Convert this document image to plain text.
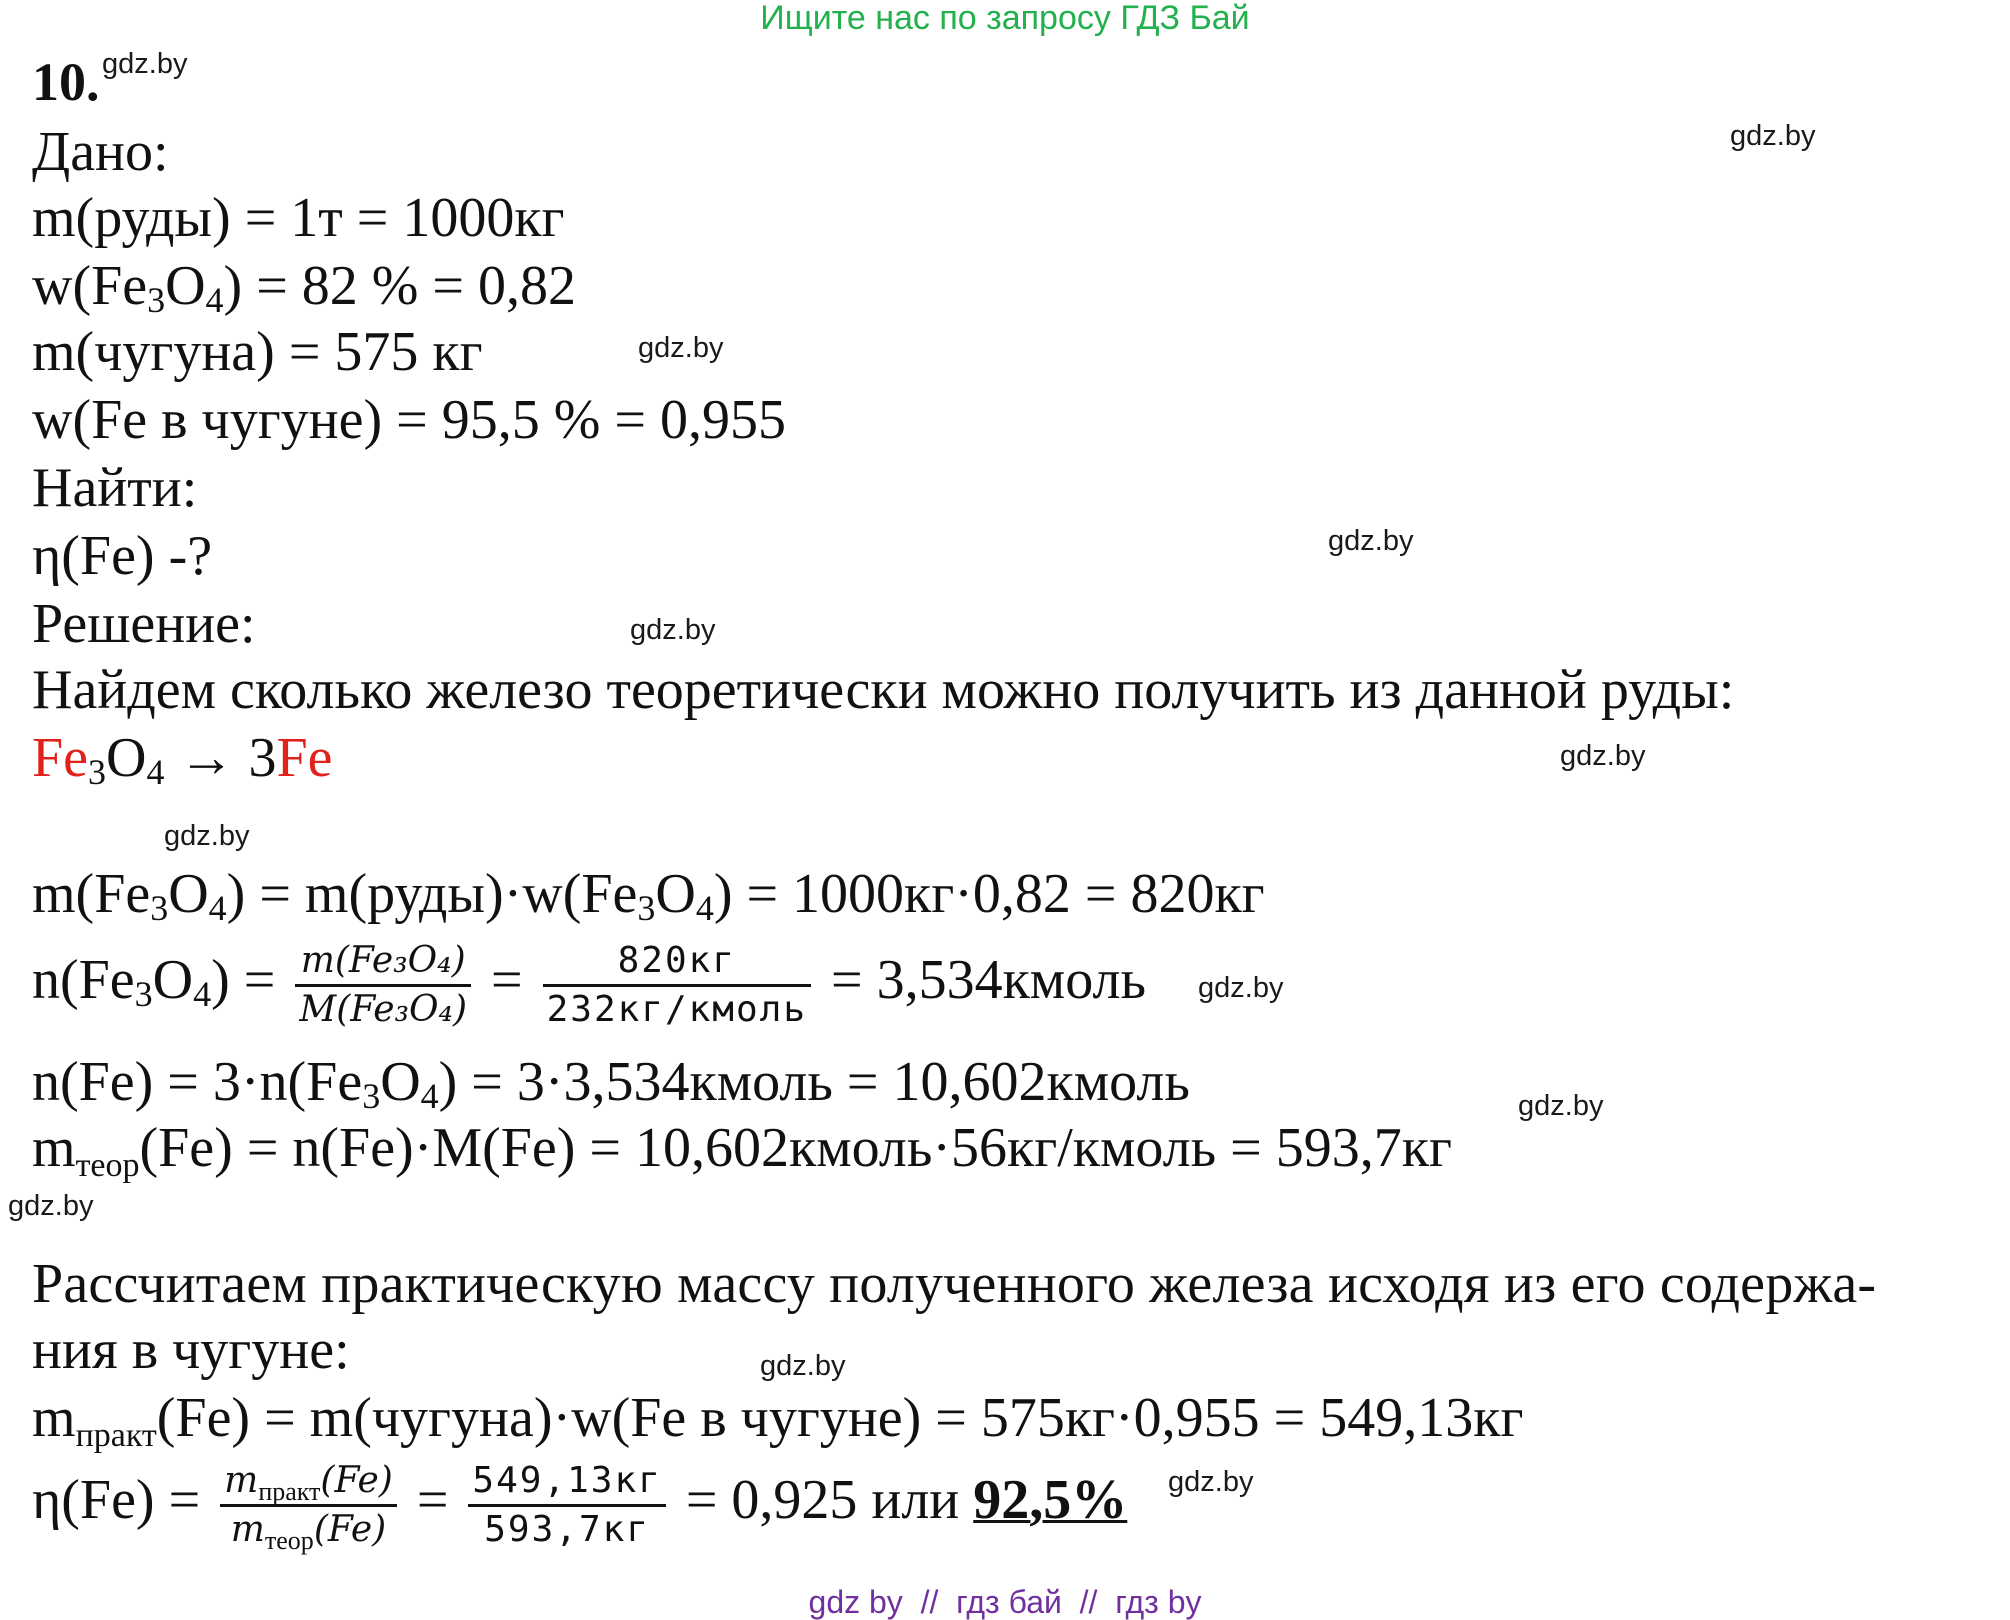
Ищите нас по запросу ГДЗ Бай
gdz.by
gdz.by
gdz.by
gdz.by
gdz.by
gdz.by
gdz.by
gdz.by
gdz.by
gdz.by
gdz.by
gdz.by
10.
Дано:
m(руды) = 1т = 1000кг
$w(Fe_3O_4) = 82$ % = 0,82
m(чугуна) = 575 кг
w(Fe в чугуне) = 95,5 % = 0,955
Найти:
η(Fe) -?
Решение:
Найдем сколько железо теоретически можно получить из данной руды:
$Fe_3O_4 \to 3Fe$
$m(Fe_3O_4)$ = $m(руды)\cdot w(Fe_3O_4) = 1000кг\cdot 0,82 = 820кг$
$n(Fe_3O_4) = \frac{\text{m(Fe₃O₄)}}{\text{M(Fe₃O₄)}} = \frac{820кг}{\text{232кг/кмоль}}$ = 3,534кмоль
$n(Fe) = 3\cdot n(Fe_3O_4)$ = 3·3,534кмоль = 10,602кмоль
$m_{теор}(Fe) = n(Fe)\cdot M(Fe)$ = 10,602кмоль·56кг/кмоль = 593,7кг
Рассчитаем практическую массу полученного железа исходя из его содержа-
ния в чугуне:
$m_{практ}(Fe)$ = m(чугуна)·w(Fe в чугуне) = 575кг·0,955 = 549,13кг
$\eta(Fe) = \frac{m_{практ}(Fe)}{m_{теор}(Fe)} = \frac{549,13кг}{593,7кг} = 0,925$ или 92,5%
gdz by  //  гдз бай  //  гдз by
